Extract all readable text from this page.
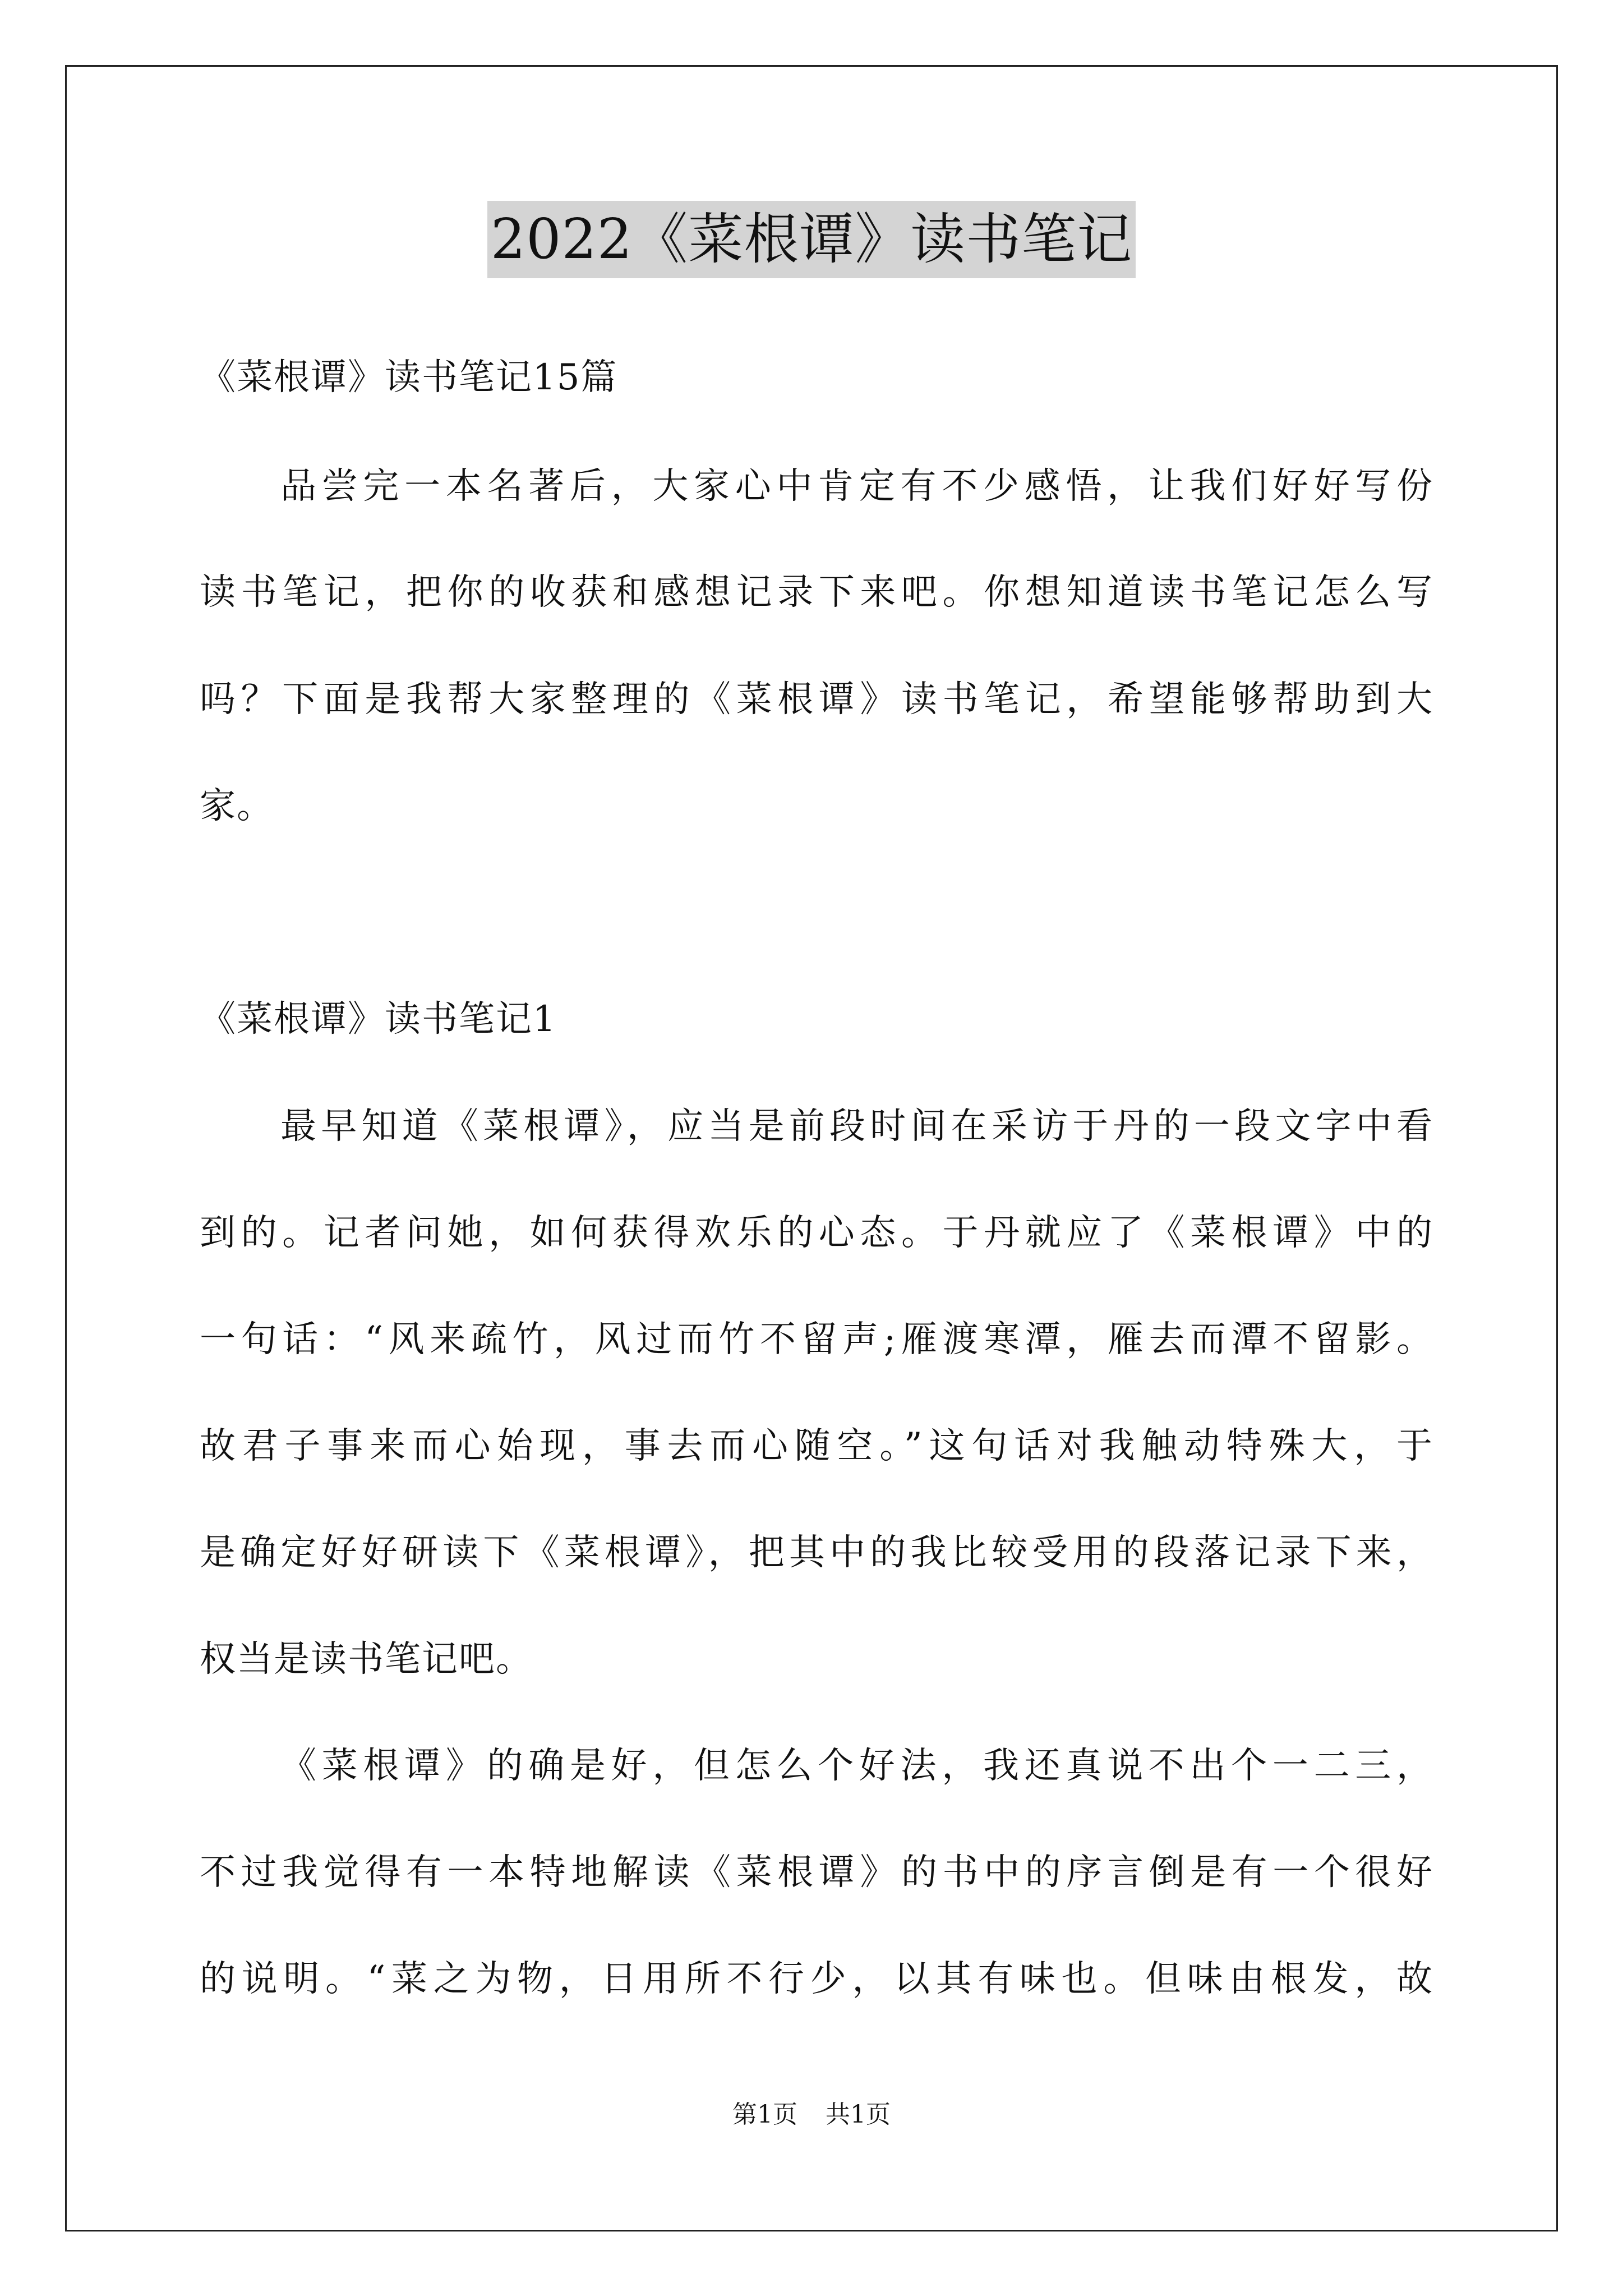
2022《菜根谭》读书笔记
《菜根谭》读书笔记15篇
品尝完一本名著后，大家心中肯定有不少感悟，让我们好好写份
读书笔记，把你的收获和感想记录下来吧。你想知道读书笔记怎么写
吗？下面是我帮大家整理的《菜根谭》读书笔记，希望能够帮助到大
家。
《菜根谭》读书笔记1
最早知道《菜根谭》，应当是前段时间在采访于丹的一段文字中看
到的。记者问她，如何获得欢乐的心态。于丹就应了《菜根谭》中的
一句话：“风来疏竹，风过而竹不留声;雁渡寒潭，雁去而潭不留影。
故君子事来而心始现，事去而心随空。”这句话对我触动特殊大，于
是确定好好研读下《菜根谭》，把其中的我比较受用的段落记录下来，
权当是读书笔记吧。
《菜根谭》的确是好，但怎么个好法，我还真说不出个一二三，
不过我觉得有一本特地解读《菜根谭》的书中的序言倒是有一个很好
的说明。“菜之为物，日用所不行少，以其有味也。但味由根发，故
第1页 共1页
